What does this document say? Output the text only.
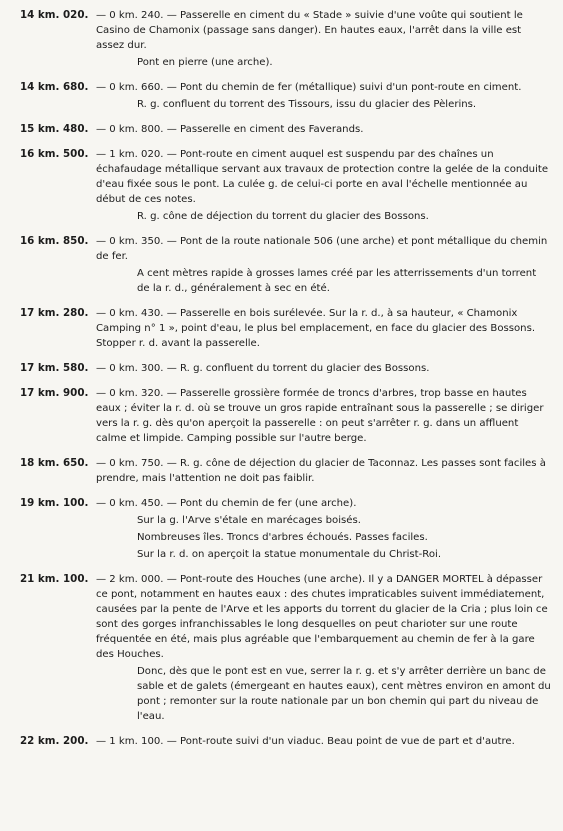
14 km. 020. — 0 km. 240. — Passerelle en ciment du « Stade » suivie d'une voûte qui soutient le Casino de Chamonix (passage sans danger). En hautes eaux, l'arrêt dans la ville est assez dur.

Pont en pierre (une arche).

14 km. 680. — 0 km. 660. — Pont du chemin de fer (métallique) suivi d'un pont-route en ciment.

R. g. confluent du torrent des Tissours, issu du glacier des Pèlerins.

15 km. 480. — 0 km. 800. — Passerelle en ciment des Faverands.

16 km. 500. — 1 km. 020. — Pont-route en ciment auquel est suspendu par des chaînes un échafaudage métallique servant aux travaux de protection contre la gelée de la conduite d'eau fixée sous le pont. La culée g. de celui-ci porte en aval l'échelle mentionnée au début de ces notes.

R. g. cône de déjection du torrent du glacier des Bossons.

16 km. 850. — 0 km. 350. — Pont de la route nationale 506 (une arche) et pont métallique du chemin de fer.

A cent mètres rapide à grosses lames créé par les atterrissements d'un torrent de la r. d., généralement à sec en été.

17 km. 280. — 0 km. 430. — Passerelle en bois surélevée. Sur la r. d., à sa hauteur, « Chamonix Camping n° 1 », point d'eau, le plus bel emplacement, en face du glacier des Bossons. Stopper r. d. avant la passerelle.

17 km. 580. — 0 km. 300. — R. g. confluent du torrent du glacier des Bossons.

17 km. 900. — 0 km. 320. — Passerelle grossière formée de troncs d'arbres, trop basse en hautes eaux ; éviter la r. d. où se trouve un gros rapide entraînant sous la passerelle ; se diriger vers la r. g. dès qu'on aperçoit la passerelle : on peut s'arrêter r. g. dans un affluent calme et limpide. Camping possible sur l'autre berge.

18 km. 650. — 0 km. 750. — R. g. cône de déjection du glacier de Taconnaz. Les passes sont faciles à prendre, mais l'attention ne doit pas faiblir.

19 km. 100. — 0 km. 450. — Pont du chemin de fer (une arche).

Sur la g. l'Arve s'étale en marécages boisés.

Nombreuses îles. Troncs d'arbres échoués. Passes faciles.

Sur la r. d. on aperçoit la statue monumentale du Christ-Roi.

21 km. 100. — 2 km. 000. — Pont-route des Houches (une arche). Il y a DANGER MORTEL à dépasser ce pont, notamment en hautes eaux : des chutes impraticables suivent immédiatement, causées par la pente de l'Arve et les apports du torrent du glacier de la Cria ; plus loin ce sont des gorges infranchissables le long desquelles on peut charioter sur une route fréquentée en été, mais plus agréable que l'embarquement au chemin de fer à la gare des Houches.

Donc, dès que le pont est en vue, serrer la r. g. et s'y arrêter derrière un banc de sable et de galets (émergeant en hautes eaux), cent mètres environ en amont du pont ; remonter sur la route nationale par un bon chemin qui part du niveau de l'eau.

22 km. 200. — 1 km. 100. — Pont-route suivi d'un viaduc. Beau point de vue de part et d'autre.
